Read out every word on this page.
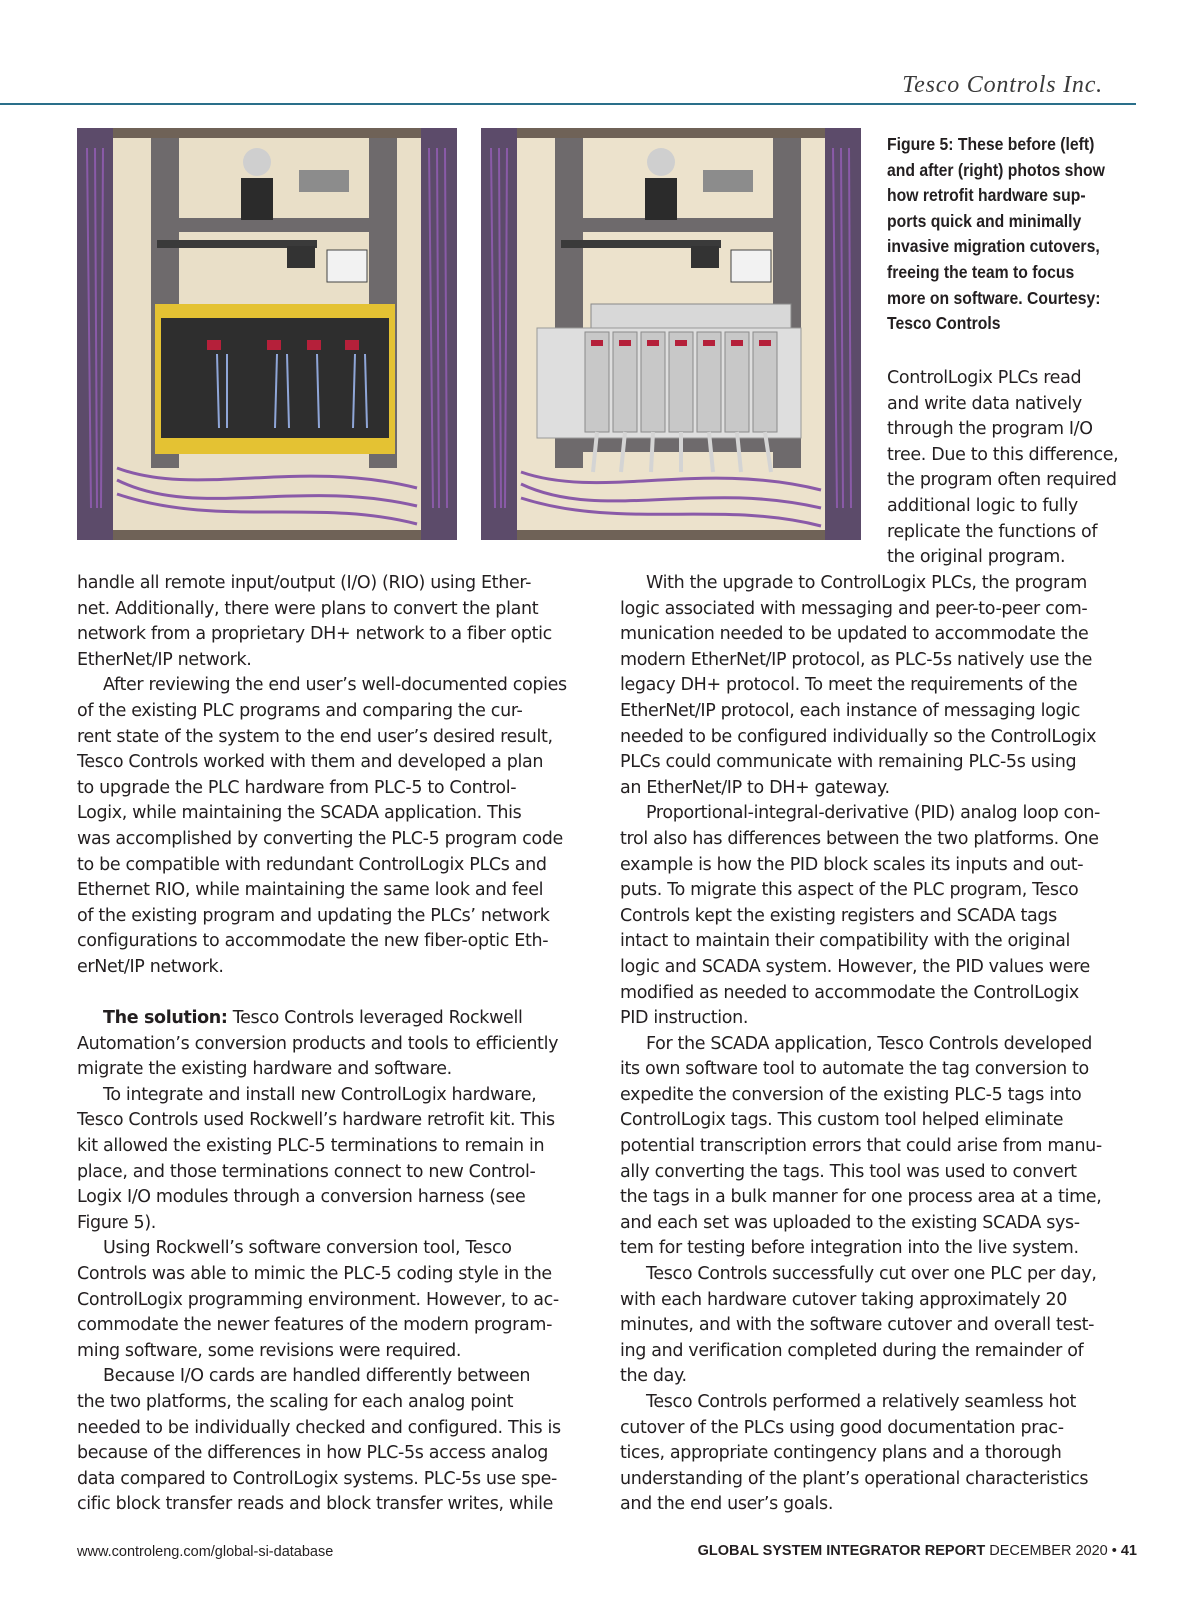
Tesco Controls Inc.
Figure 5: These before (left)
and after (right) photos show
how retrofit hardware sup-
ports quick and minimally
invasive migration cutovers,
freeing the team to focus
more on software. Courtesy:
Tesco Controls

ControlLogix PLCs read

and write data natively

through the program I/O

tree. Due to this difference,

the program often required

additional logic to fully

replicate the functions of

the original program.

handle all remote input/output (I/O) (RIO) using Ether-

net. Additionally, there were plans to convert the plant

network from a proprietary DH+ network to a fiber optic

EtherNet/IP network.

After reviewing the end user’s well-documented copies

of the existing PLC programs and comparing the cur-

rent state of the system to the end user’s desired result,

Tesco Controls worked with them and developed a plan

to upgrade the PLC hardware from PLC-5 to Control-

Logix, while maintaining the SCADA application. This

was accomplished by converting the PLC-5 program code

to be compatible with redundant ControlLogix PLCs and

Ethernet RIO, while maintaining the same look and feel

of the existing program and updating the PLCs’ network

configurations to accommodate the new fiber-optic Eth-

erNet/IP network.

The solution: Tesco Controls leveraged Rockwell

Automation’s conversion products and tools to efficiently

migrate the existing hardware and software.

To integrate and install new ControlLogix hardware,

Tesco Controls used Rockwell’s hardware retrofit kit. This

kit allowed the existing PLC-5 terminations to remain in

place, and those terminations connect to new Control-

Logix I/O modules through a conversion harness (see

Figure 5).

Using Rockwell’s software conversion tool, Tesco

Controls was able to mimic the PLC-5 coding style in the

ControlLogix programming environment. However, to ac-

commodate the newer features of the modern program-

ming software, some revisions were required.

Because I/O cards are handled differently between

the two platforms, the scaling for each analog point

needed to be individually checked and configured. This is

because of the differences in how PLC-5s access analog

data compared to ControlLogix systems. PLC-5s use spe-

cific block transfer reads and block transfer writes, while

With the upgrade to ControlLogix PLCs, the program

logic associated with messaging and peer-to-peer com-

munication needed to be updated to accommodate the

modern EtherNet/IP protocol, as PLC-5s natively use the

legacy DH+ protocol. To meet the requirements of the

EtherNet/IP protocol, each instance of messaging logic

needed to be configured individually so the ControlLogix

PLCs could communicate with remaining PLC-5s using

an EtherNet/IP to DH+ gateway.

Proportional-integral-derivative (PID) analog loop con-

trol also has differences between the two platforms. One

example is how the PID block scales its inputs and out-

puts. To migrate this aspect of the PLC program, Tesco

Controls kept the existing registers and SCADA tags

intact to maintain their compatibility with the original

logic and SCADA system. However, the PID values were

modified as needed to accommodate the ControlLogix

PID instruction.

For the SCADA application, Tesco Controls developed

its own software tool to automate the tag conversion to

expedite the conversion of the existing PLC-5 tags into

ControlLogix tags. This custom tool helped eliminate

potential transcription errors that could arise from manu-

ally converting the tags. This tool was used to convert

the tags in a bulk manner for one process area at a time,

and each set was uploaded to the existing SCADA sys-

tem for testing before integration into the live system.

Tesco Controls successfully cut over one PLC per day,

with each hardware cutover taking approximately 20

minutes, and with the software cutover and overall test-

ing and verification completed during the remainder of

the day.

Tesco Controls performed a relatively seamless hot

cutover of the PLCs using good documentation prac-

tices, appropriate contingency plans and a thorough

understanding of the plant’s operational characteristics

and the end user’s goals.

www.controleng.com/global-si-database	GLOBAL SYSTEM INTEGRATOR REPORT DECEMBER 2020 • 41
